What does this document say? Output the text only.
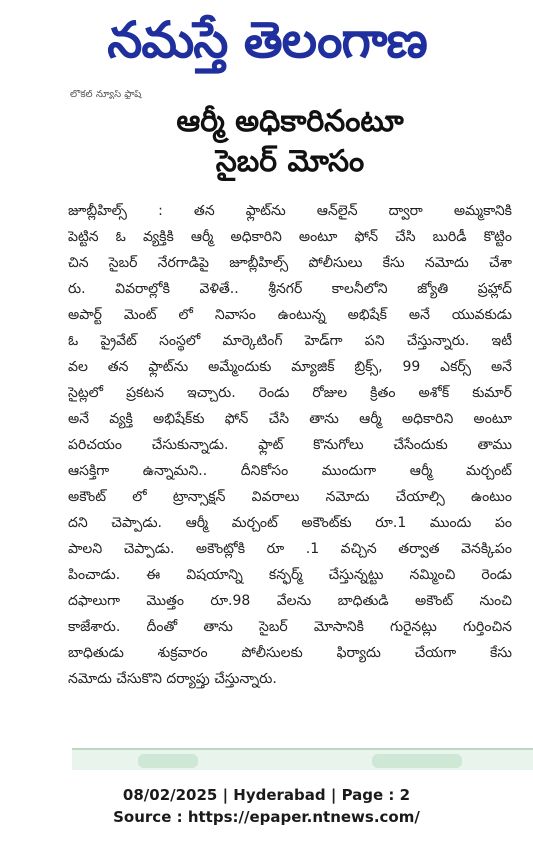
నమస్తే తెలంగాణ
లోకల్ న్యూస్ ఫ్లాష్
ఆర్మీ అధికారినంటూ
సైబర్ మోసం
జూబ్లీహిల్స్ : తన ఫ్లాట్‌ను ఆన్‌లైన్ ద్వారా అమ్మకానికి
పెట్టిన ఓ వ్యక్తికి ఆర్మీ అధికారిని అంటూ ఫోన్ చేసి బురిడీ కొట్టిం
చిన సైబర్ నేరగాడిపై జూబ్లీహిల్స్ పోలీసులు కేసు నమోదు చేశా
రు. వివరాల్లోకి వెళితే.. శ్రీనగర్ కాలనీలోని జ్యోతి ప్రహ్లాద్
అపార్ట్ మెంట్ లో నివాసం ఉంటున్న అభిషేక్ అనే యువకుడు
ఓ ప్రైవేట్ సంస్థలో మార్కెటింగ్ హెడ్‌గా పని చేస్తున్నారు. ఇటీ
వల తన ఫ్లాట్‌ను అమ్మేందుకు మ్యాజిక్ బ్రిక్స్, 99 ఎకర్స్ అనే
సైట్లలో ప్రకటన ఇచ్చారు. రెండు రోజుల క్రితం అశోక్ కుమార్
అనే వ్యక్తి అభిషేక్‌కు ఫోన్ చేసి తాను ఆర్మీ అధికారిని అంటూ
పరిచయం చేసుకున్నాడు. ఫ్లాట్ కొనుగోలు చేసేందుకు తాము
ఆసక్తిగా ఉన్నామని.. దీనికోసం ముందుగా ఆర్మీ మర్చంట్
అకౌంట్ లో ట్రాన్సాక్షన్ వివరాలు నమోదు చేయాల్సి ఉంటుం
దని చెప్పాడు. ఆర్మీ మర్చంట్ అకౌంట్‌కు రూ.1 ముందు పం
పాలని చెప్పాడు. అకౌంట్లోకి రూ .1 వచ్చిన తర్వాత వెనక్కిపం
పించాడు. ఈ విషయాన్ని కన్ఫర్మ్ చేస్తున్నట్టు నమ్మించి రెండు
దఫాలుగా మొత్తం రూ.98 వేలను బాధితుడి అకౌంట్ నుంచి
కాజేశారు. దీంతో తాను సైబర్ మోసానికి గురైనట్లు గుర్తించిన
బాధితుడు శుక్రవారం పోలీసులకు ఫిర్యాదు చేయగా కేసు
నమోదు చేసుకొని దర్యాప్తు చేస్తున్నారు.
08/02/2025 | Hyderabad | Page : 2
Source : https://epaper.ntnews.com/
